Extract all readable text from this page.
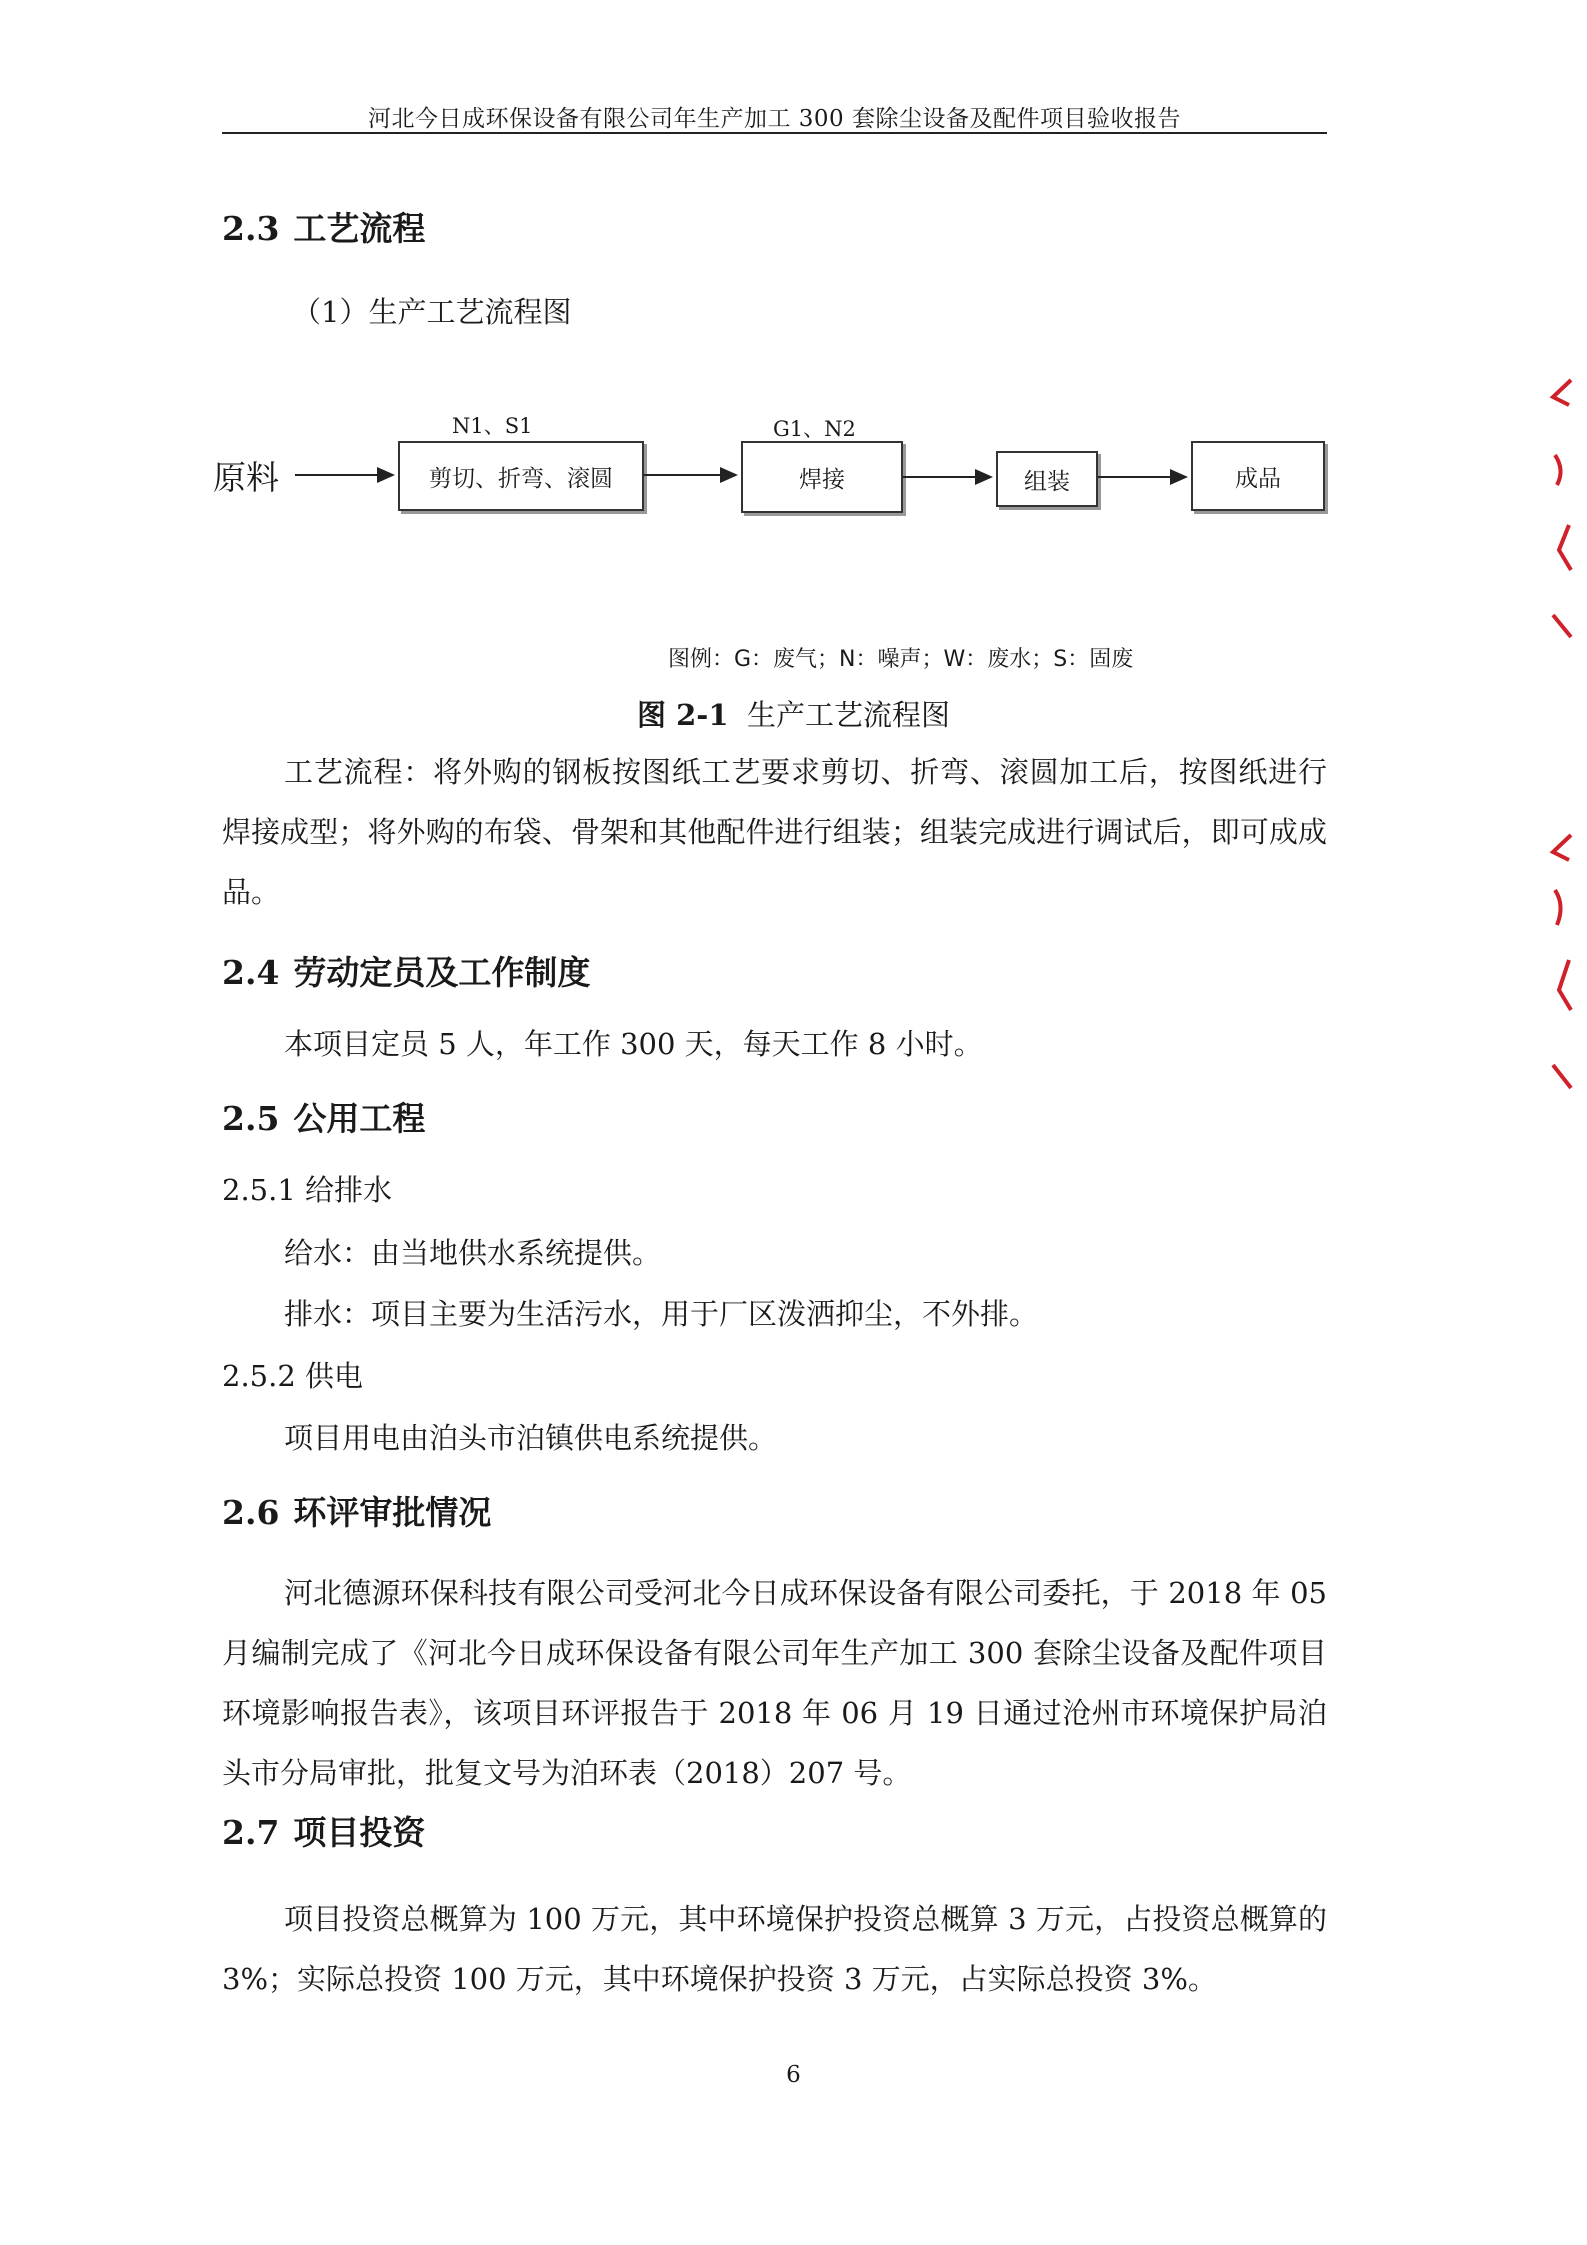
河北今日成环保设备有限公司年生产加工 300 套除尘设备及配件项目验收报告
2.3 工艺流程
（1）生产工艺流程图
原料
N1、S1
剪切、折弯、滚圆
G1、N2
焊接	组装	成品
图例：G：废气；N：噪声；W：废水；S：固废
图 2-1 生产工艺流程图
工艺流程：将外购的钢板按图纸工艺要求剪切、折弯、滚圆加工后，按图纸进行焊接成型；将外购的布袋、骨架和其他配件进行组装；组装完成进行调试后，即可成成品。
2.4 劳动定员及工作制度
本项目定员 5 人，年工作 300 天，每天工作 8 小时。
2.5 公用工程
2.5.1 给排水
给水：由当地供水系统提供。
排水：项目主要为生活污水，用于厂区泼洒抑尘，不外排。
2.5.2 供电
项目用电由泊头市泊镇供电系统提供。
2.6 环评审批情况
河北德源环保科技有限公司受河北今日成环保设备有限公司委托，于 2018 年 05 月编制完成了《河北今日成环保设备有限公司年生产加工 300 套除尘设备及配件项目环境影响报告表》，该项目环评报告于 2018 年 06 月 19 日通过沧州市环境保护局泊头市分局审批，批复文号为泊环表（2018）207 号。
2.7 项目投资
项目投资总概算为 100 万元，其中环境保护投资总概算 3 万元，占投资总概算的 3%；实际总投资 100 万元，其中环境保护投资 3 万元，占实际总投资 3%。
6
